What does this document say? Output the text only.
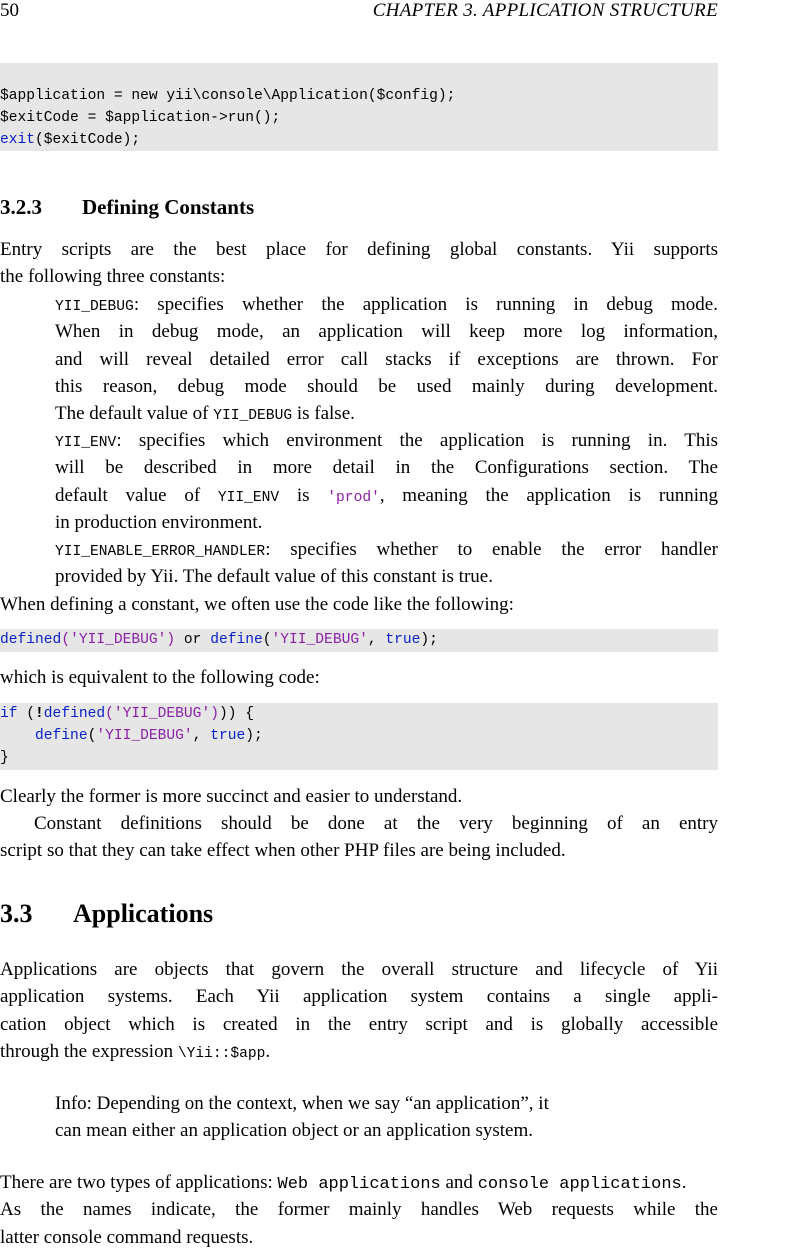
50	CHAPTER 3. APPLICATION STRUCTURE
$application = new yii\console\Application($config);
$exitCode = $application->run();
exit($exitCode);
3.2.3 Defining Constants
Entry scripts are the best place for defining global constants. Yii supports
the following three constants:
YII_DEBUG: specifies whether the application is running in debug mode.
When in debug mode, an application will keep more log information,
and will reveal detailed error call stacks if exceptions are thrown. For
this reason, debug mode should be used mainly during development.
The default value of YII_DEBUG is false.
YII_ENV: specifies which environment the application is running in. This
will be described in more detail in the Configurations section. The
default value of YII_ENV is 'prod', meaning the application is running
in production environment.
YII_ENABLE_ERROR_HANDLER: specifies whether to enable the error handler
provided by Yii. The default value of this constant is true.
When defining a constant, we often use the code like the following:
defined('YII_DEBUG') or define('YII_DEBUG', true);
which is equivalent to the following code:
if (!defined('YII_DEBUG'))) {
define('YII_DEBUG', true);
}
Clearly the former is more succinct and easier to understand.
Constant definitions should be done at the very beginning of an entry
script so that they can take effect when other PHP files are being included.
3.3 Applications
Applications are objects that govern the overall structure and lifecycle of Yii
application systems. Each Yii application system contains a single appli-
cation object which is created in the entry script and is globally accessible
through the expression \Yii::$app.
Info: Depending on the context, when we say “an application”, it
can mean either an application object or an application system.
There are two types of applications: Web applications and console applications.
As the names indicate, the former mainly handles Web requests while the
latter console command requests.
